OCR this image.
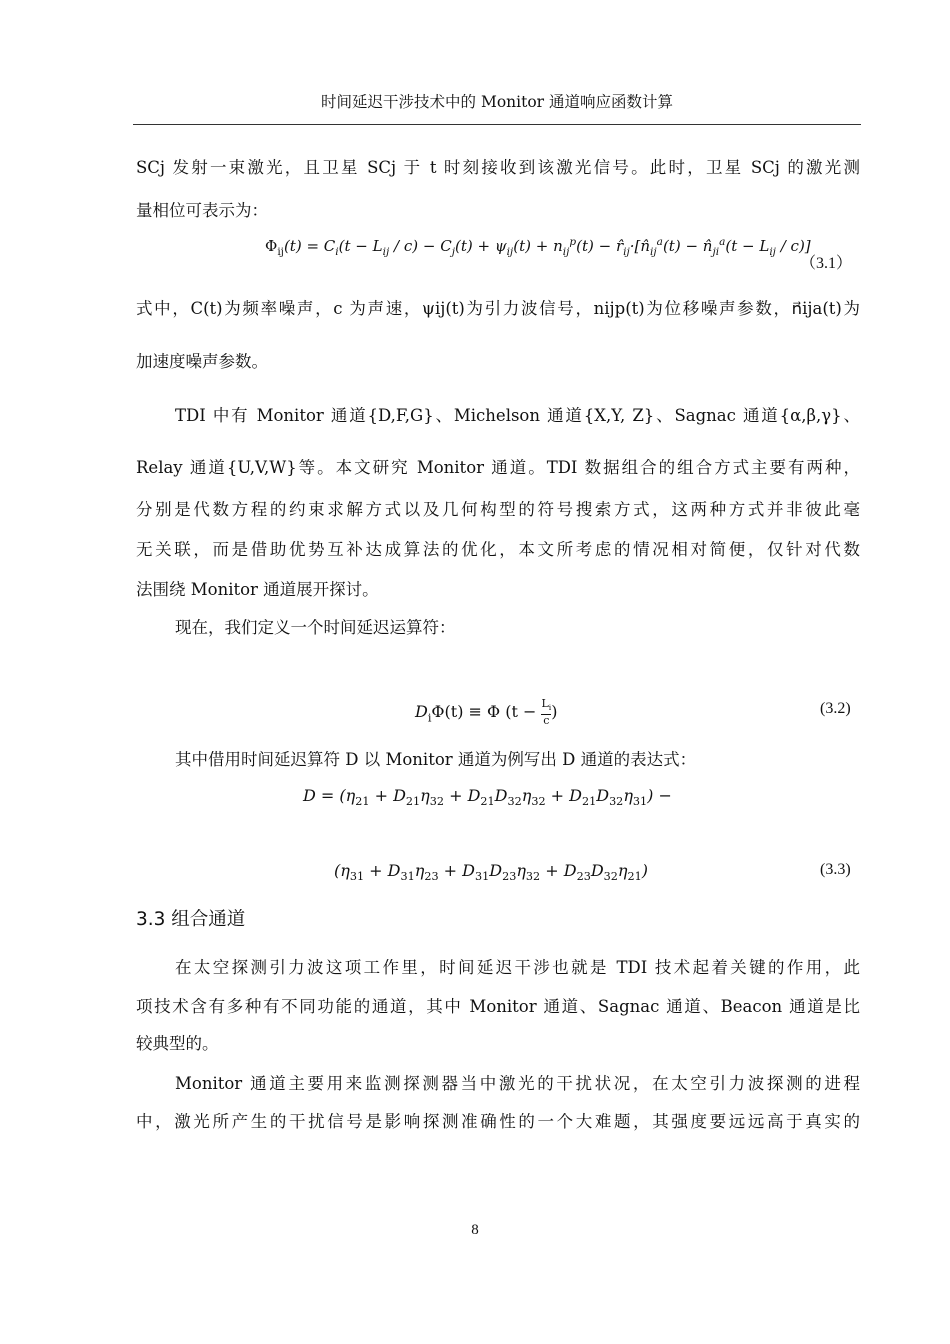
时间延迟干涉技术中的 Monitor 通道响应函数计算
SCj 发射一束激光，且卫星 SCj 于 t 时刻接收到该激光信号。此时，卫星 SCj 的激光测
量相位可表示为：
$\Phi_{ij}(t) = C_i(t - L_{ij} / c) - C_j(t) + \psi_{ij}(t) + n_{ij}^p(t)$ − $r̂_{ij}\cdot[n̂_{ij}^a(t)$ − $n̂_{ji}^a(t - L_{ij} / c)$]
（3.1）
式中，C(t)为频率噪声，c 为声速，ψij(t)为引力波信号，nijp(t)为位移噪声参数，n⃗ija(t)为
加速度噪声参数。
TDI 中有 Monitor 通道{D,F,G}、Michelson 通道{X,Y, Z}、Sagnac 通道{α,β,γ}、
Relay 通道{U,V,W}等。本文研究 Monitor 通道。TDI 数据组合的组合方式主要有两种，
分别是代数方程的约束求解方式以及几何构型的符号搜索方式，这两种方式并非彼此毫
无关联，而是借助优势互补达成算法的优化，本文所考虑的情况相对简便，仅针对代数
法围绕 Monitor 通道展开探讨。
现在，我们定义一个时间延迟运算符：
$D_i\Phi(t) \equiv \Phi$ ($t - \frac{L_i}{c}$ )	(3.2)
其中借用时间延迟算符 D 以 Monitor 通道为例写出 D 通道的表达式：
$D = (\eta_{21} + D_{21}\eta_{32} + D_{21}D_{32}\eta_{32} + D_{21}D_{32}\eta_{31})$ −
$(\eta_{31} + D_{31}\eta_{23} + D_{31}D_{23}\eta_{32} + D_{23}D_{32}\eta_{21})$	(3.3)
3.3 组合通道
在太空探测引力波这项工作里，时间延迟干涉也就是 TDI 技术起着关键的作用，此
项技术含有多种有不同功能的通道，其中 Monitor 通道、Sagnac 通道、Beacon 通道是比
较典型的。
Monitor 通道主要用来监测探测器当中激光的干扰状况，在太空引力波探测的进程
中，激光所产生的干扰信号是影响探测准确性的一个大难题，其强度要远远高于真实的
8
